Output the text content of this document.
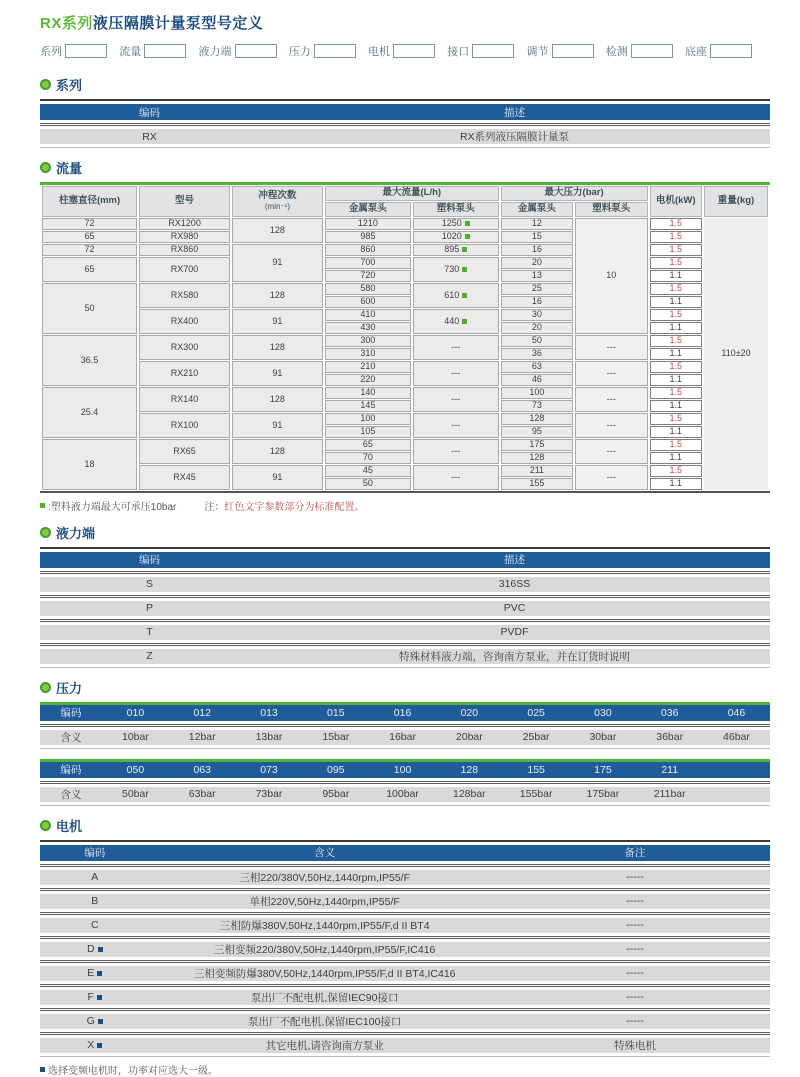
RX系列液压隔膜计量泵型号定义
系列	流量	液力端	压力	电机	接口	调节	检测	底座
系列
编码	描述
RX	RX系列液压隔膜计量泵
流量
柱塞直径(mm)	型号	冲程次数
(min⁻¹)	最大流量(L/h)		最大压力(bar)		电机(kW)	重量(kg)
			金属泵头	塑料泵头	金属泵头	塑料泵头		
72	RX1200	128	1210	1250	12	10	1.5	110±20
65	RX980		985	1020	15		1.5	
72	RX860	91	860	895	16		1.5	
65	RX700		700	730	20		1.5	
			720		13		1.1	
50	RX580	128	580	610	25		1.5	
			600		16		1.1	
	RX400	91	410	440	30		1.5	
			430		20		1.1	
36.5	RX300	128	300	---	50	---	1.5	
			310		36		1.1	
	RX210	91	210	---	63	---	1.5	
			220		46		1.1	
25.4	RX140	128	140	---	100	---	1.5	
			145		73		1.1	
	RX100	91	100	---	128	---	1.5	
			105		95		1.1	
18	RX65	128	65	---	175	---	1.5	
			70		128		1.1	
	RX45	91	45	---	211	---	1.5	
			50		155		1.1	
:塑料液力端最大可承压10bar	注： 红色文字参数部分为标准配置。
液力端
编码	描述
S	316SS
P	PVC
T	PVDF
Z	特殊材料液力端，咨询南方泵业，并在订货时说明
压力
编码	010	012	013	015	016	020	025	030	036	046
含义	10bar	12bar	13bar	15bar	16bar	20bar	25bar	30bar	36bar	46bar
编码	050	063	073	095	100	128	155	175	211
含义	50bar	63bar	73bar	95bar	100bar	128bar	155bar	175bar	211bar
电机
编码	含义	备注
A	三相220/380V,50Hz,1440rpm,IP55/F	-----
B	单相220V,50Hz,1440rpm,IP55/F	-----
C	三相防爆380V,50Hz,1440rpm,IP55/F,d II BT4	-----
D	三相变频220/380V,50Hz,1440rpm,IP55/F,IC416	-----
E	三相变频防爆380V,50Hz,1440rpm,IP55/F,d II BT4,IC416	-----
F	泵出厂不配电机,保留IEC90接口	-----
G	泵出厂不配电机,保留IEC100接口	-----
X	其它电机,请咨询南方泵业	特殊电机
选择变频电机时，功率对应选大一级。
